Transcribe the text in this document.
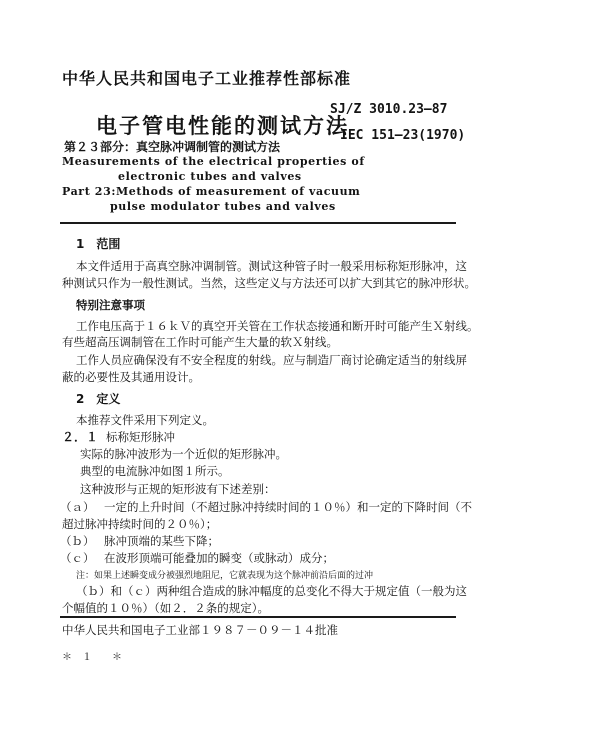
中华人民共和国电子工业推荐性部标准
电子管电性能的测试方法
SJ/Z 3010.23—87
IEC 151—23(1970)
第２３部分：真空脉冲调制管的测试方法
Measurements of the electrical properties of
electronic tubes and valves
Part 23:Methods of measurement of vacuum
pulse modulator tubes and valves
1　范围
本文件适用于高真空脉冲调制管。测试这种管子时一般采用标称矩形脉冲，这
种测试只作为一般性测试。当然，这些定义与方法还可以扩大到其它的脉冲形状。
特别注意事项
工作电压高于１６ｋＶ的真空开关管在工作状态接通和断开时可能产生Ｘ射线。
有些超高压调制管在工作时可能产生大量的软Ｘ射线。
工作人员应确保没有不安全程度的射线。应与制造厂商讨论确定适当的射线屏
蔽的必要性及其通用设计。
2　定义
本推荐文件采用下列定义。
２．１ 标称矩形脉冲
实际的脉冲波形为一个近似的矩形脉冲。
典型的电流脉冲如图１所示。
这种波形与正规的矩形波有下述差别：
（ａ） 一定的上升时间（不超过脉冲持续时间的１０％）和一定的下降时间（不
超过脉冲持续时间的２０％）；
（ｂ） 脉冲顶端的某些下降；
（ｃ） 在波形顶端可能叠加的瞬变（或脉动）成分；
注：如果上述瞬变成分被强烈地阻尼，它就表现为这个脉冲前沿后面的过冲
（ｂ）和（ｃ）两种组合造成的脉冲幅度的总变化不得大于规定值（一般为这
个幅值的１０％）（如２．２条的规定）。
中华人民共和国电子工业部１９８７－０９－１４批准
＊　１　　＊
